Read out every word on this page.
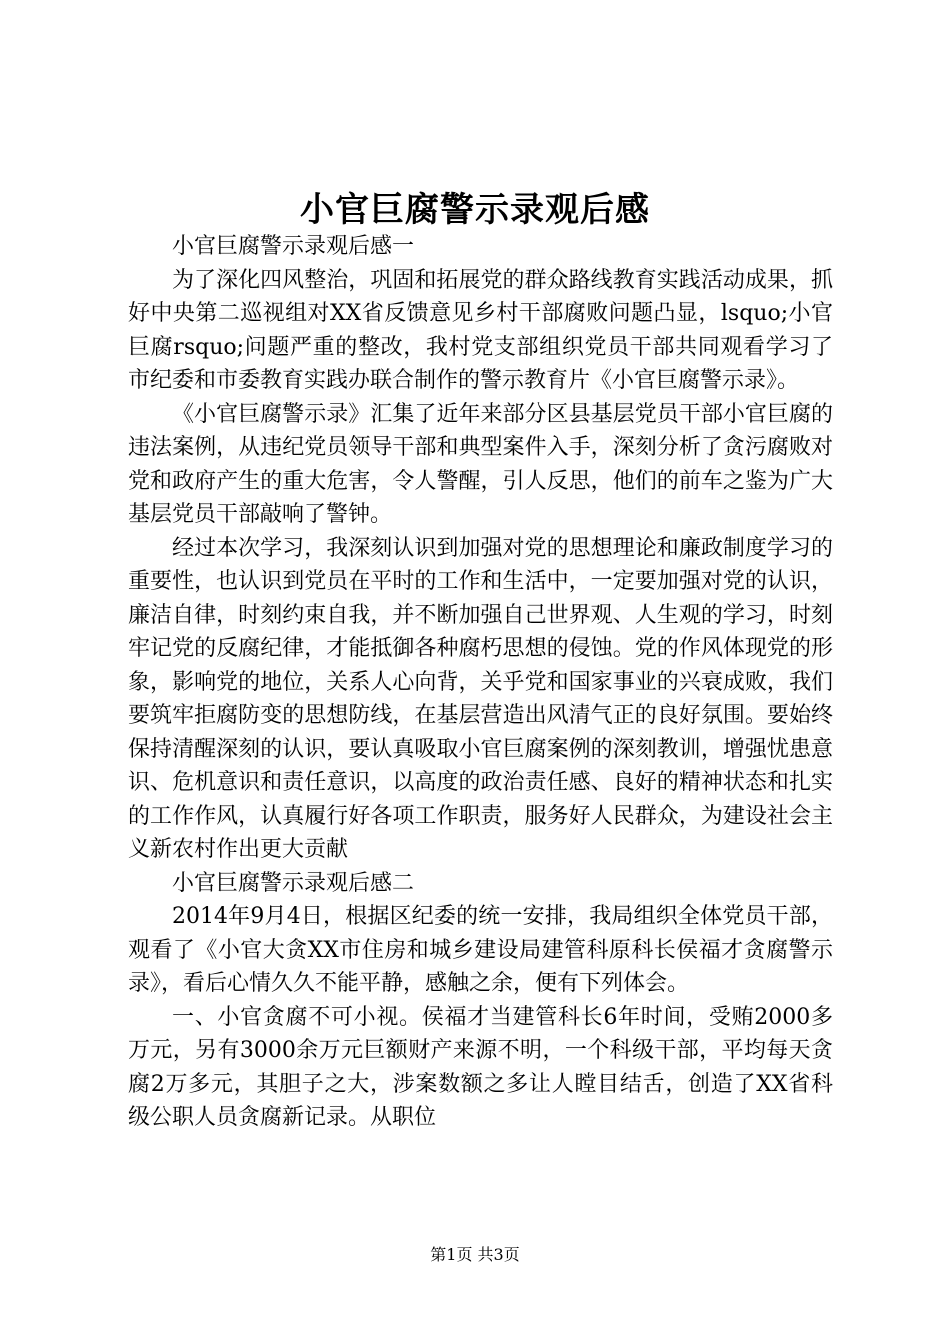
小官巨腐警示录观后感

小官巨腐警示录观后感一

为了深化四风整治，巩固和拓展党的群众路线教育实践活动成果，抓好中央第二巡视组对XX省反馈意见乡村干部腐败问题凸显，lsquo;小官巨腐rsquo;问题严重的整改，我村党支部组织党员干部共同观看学习了市纪委和市委教育实践办联合制作的警示教育片《小官巨腐警示录》。

《小官巨腐警示录》汇集了近年来部分区县基层党员干部小官巨腐的违法案例，从违纪党员领导干部和典型案件入手，深刻分析了贪污腐败对党和政府产生的重大危害，令人警醒，引人反思，他们的前车之鉴为广大基层党员干部敲响了警钟。

经过本次学习，我深刻认识到加强对党的思想理论和廉政制度学习的重要性，也认识到党员在平时的工作和生活中，一定要加强对党的认识，廉洁自律，时刻约束自我，并不断加强自己世界观、人生观的学习，时刻牢记党的反腐纪律，才能抵御各种腐朽思想的侵蚀。党的作风体现党的形象，影响党的地位，关系人心向背，关乎党和国家事业的兴衰成败，我们要筑牢拒腐防变的思想防线，在基层营造出风清气正的良好氛围。要始终保持清醒深刻的认识，要认真吸取小官巨腐案例的深刻教训，增强忧患意识、危机意识和责任意识，以高度的政治责任感、良好的精神状态和扎实的工作作风，认真履行好各项工作职责，服务好人民群众，为建设社会主义新农村作出更大贡献

小官巨腐警示录观后感二

2014年9月4日，根据区纪委的统一安排，我局组织全体党员干部，观看了《小官大贪XX市住房和城乡建设局建管科原科长侯福才贪腐警示录》，看后心情久久不能平静，感触之余，便有下列体会。

一、小官贪腐不可小视。侯福才当建管科长6年时间，受贿2000多万元，另有3000余万元巨额财产来源不明，一个科级干部，平均每天贪腐2万多元，其胆子之大，涉案数额之多让人瞠目结舌，创造了XX省科级公职人员贪腐新记录。从职位

第1页 共3页
